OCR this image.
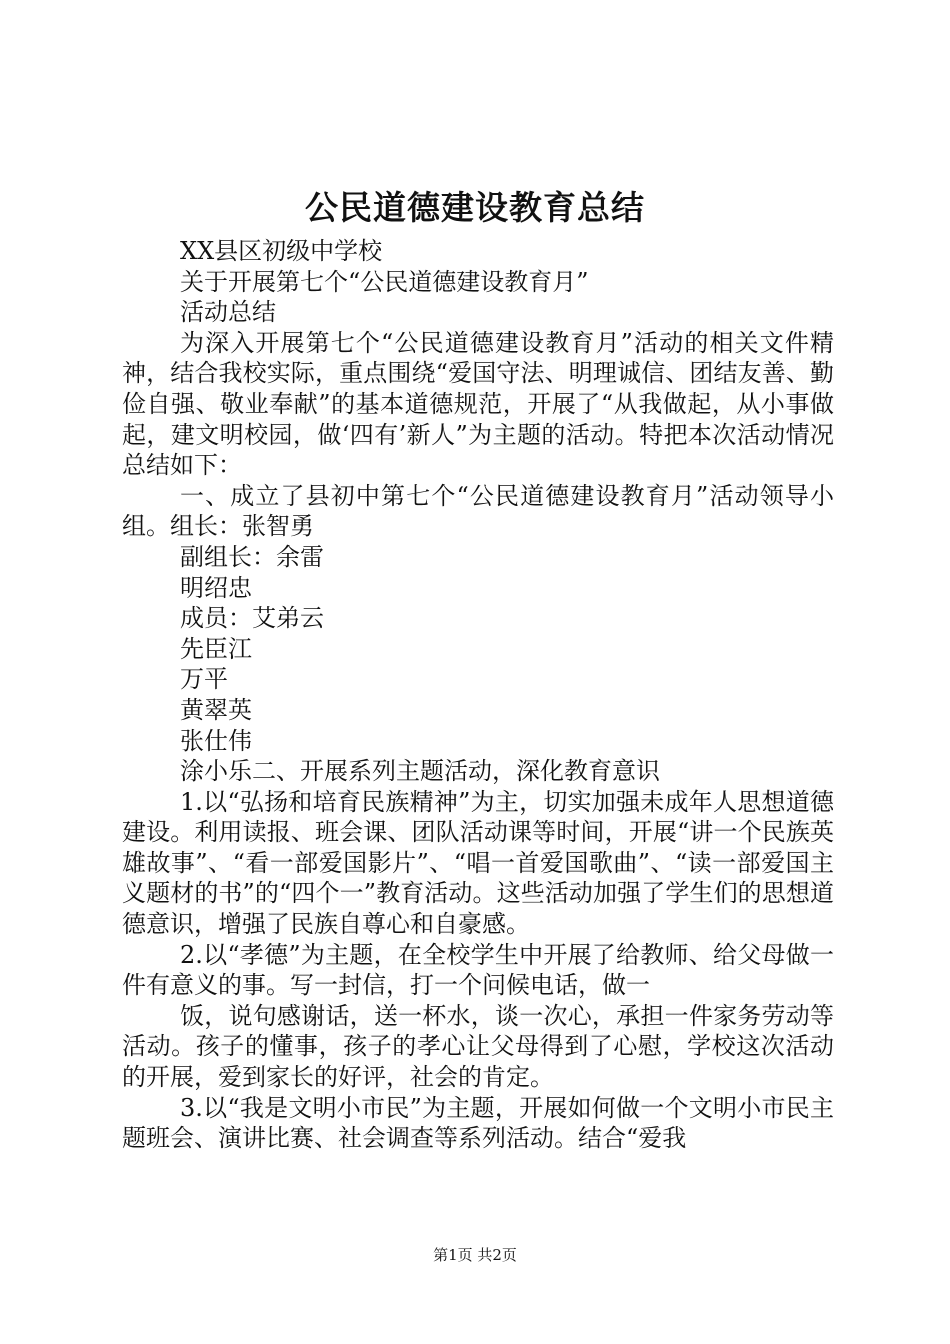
公民道德建设教育总结

XX县区初级中学校

关于开展第七个“公民道德建设教育月”

活动总结

为深入开展第七个“公民道德建设教育月”活动的相关文件精神，结合我校实际，重点围绕“爱国守法、明理诚信、团结友善、勤俭自强、敬业奉献”的基本道德规范，开展了“从我做起，从小事做起，建文明校园，做‘四有’新人”为主题的活动。特把本次活动情况总结如下：

一、成立了县初中第七个“公民道德建设教育月”活动领导小组。组长：张智勇

副组长：余雷

明绍忠

成员：艾弟云

先臣江

万平

黄翠英

张仕伟

涂小乐二、开展系列主题活动，深化教育意识

1.以“弘扬和培育民族精神”为主，切实加强未成年人思想道德建设。利用读报、班会课、团队活动课等时间，开展“讲一个民族英雄故事”、“看一部爱国影片”、“唱一首爱国歌曲”、“读一部爱国主义题材的书”的“四个一”教育活动。这些活动加强了学生们的思想道德意识，增强了民族自尊心和自豪感。

2.以“孝德”为主题，在全校学生中开展了给教师、给父母做一件有意义的事。写一封信，打一个问候电话，做一

饭，说句感谢话，送一杯水，谈一次心，承担一件家务劳动等活动。孩子的懂事，孩子的孝心让父母得到了心慰，学校这次活动的开展，爱到家长的好评，社会的肯定。

3.以“我是文明小市民”为主题，开展如何做一个文明小市民主题班会、演讲比赛、社会调查等系列活动。结合“爱我

第1页 共2页
